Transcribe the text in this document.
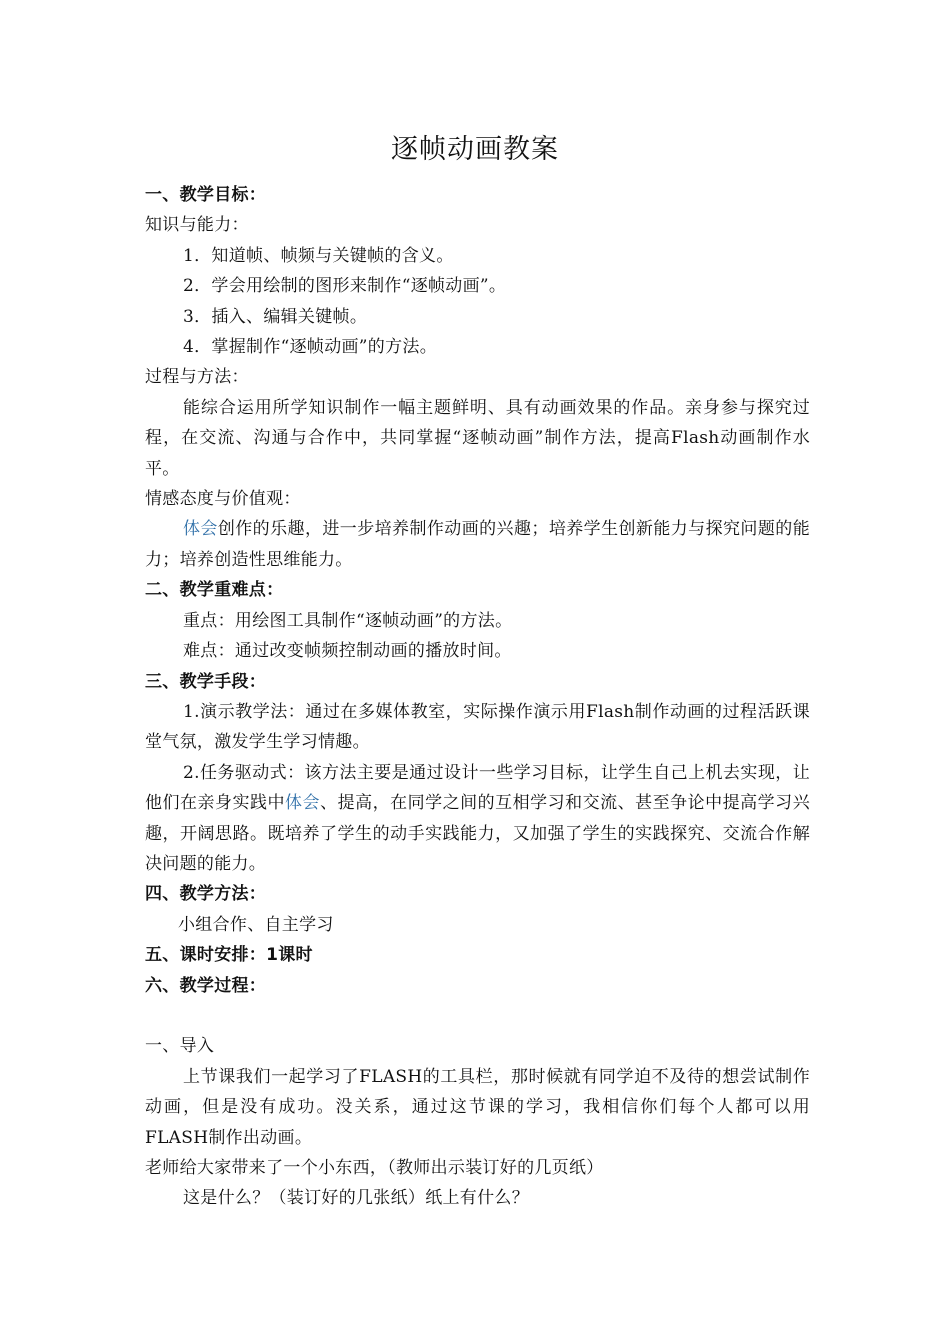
逐帧动画教案

一、教学目标：

知识与能力：

1．知道帧、帧频与关键帧的含义。

2．学会用绘制的图形来制作“逐帧动画”。

3．插入、编辑关键帧。

4．掌握制作“逐帧动画”的方法。

过程与方法：

能综合运用所学知识制作一幅主题鲜明、具有动画效果的作品。亲身参与探究过程，在交流、沟通与合作中，共同掌握“逐帧动画”制作方法，提高Flash动画制作水平。

情感态度与价值观：

体会创作的乐趣，进一步培养制作动画的兴趣；培养学生创新能力与探究问题的能力；培养创造性思维能力。

二、教学重难点：

重点：用绘图工具制作“逐帧动画”的方法。

难点：通过改变帧频控制动画的播放时间。

三、教学手段：

1.演示教学法：通过在多媒体教室，实际操作演示用Flash制作动画的过程活跃课堂气氛，激发学生学习情趣。

2.任务驱动式：该方法主要是通过设计一些学习目标，让学生自己上机去实现，让他们在亲身实践中体会、提高，在同学之间的互相学习和交流、甚至争论中提高学习兴趣，开阔思路。既培养了学生的动手实践能力，又加强了学生的实践探究、交流合作解决问题的能力。

四、教学方法：

小组合作、自主学习

五、课时安排：1课时

六、教学过程：

一、导入

上节课我们一起学习了FLASH的工具栏，那时候就有同学迫不及待的想尝试制作动画，但是没有成功。没关系，通过这节课的学习，我相信你们每个人都可以用FLASH制作出动画。

老师给大家带来了一个小东西，（教师出示装订好的几页纸）

这是什么？（装订好的几张纸）纸上有什么？
